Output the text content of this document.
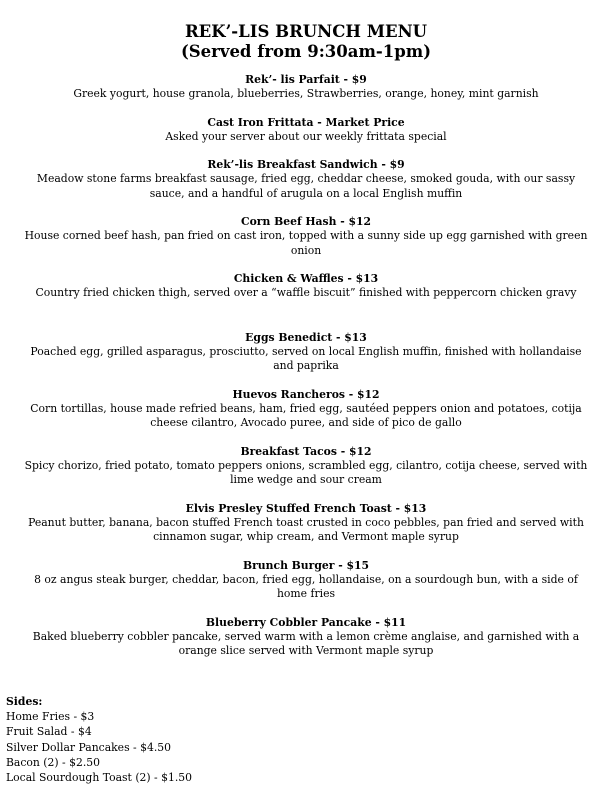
REK’-LIS BRUNCH MENU

(Served from 9:30am-1pm)

Rek’- lis Parfait - $9
Greek yogurt, house granola, blueberries, Strawberries, orange, honey, mint garnish
Cast Iron Frittata - Market Price
Asked your server about our weekly frittata special
Rek’-lis Breakfast Sandwich - $9
Meadow stone farms breakfast sausage, fried egg, cheddar cheese, smoked gouda, with our sassy sauce, and a handful of arugula on a local English muffin
Corn Beef Hash - $12
House corned beef hash, pan fried on cast iron, topped with a sunny side up egg garnished with green onion
Chicken & Waffles - $13
Country fried chicken thigh, served over a “waffle biscuit” finished with peppercorn chicken gravy
Eggs Benedict - $13
Poached egg, grilled asparagus, prosciutto, served on local English muffin, finished with hollandaise and paprika
Huevos Rancheros - $12
Corn tortillas, house made refried beans, ham, fried egg, sautéed peppers onion and potatoes, cotija cheese cilantro, Avocado puree, and side of pico de gallo
Breakfast Tacos - $12
Spicy chorizo, fried potato, tomato peppers onions, scrambled egg, cilantro, cotija cheese, served with lime wedge and sour cream
Elvis Presley Stuffed French Toast - $13
Peanut butter, banana, bacon stuffed French toast crusted in coco pebbles, pan fried and served with cinnamon sugar, whip cream, and Vermont maple syrup
Brunch Burger - $15
8 oz angus steak burger, cheddar, bacon, fried egg, hollandaise, on a sourdough bun, with a side of home fries
Blueberry Cobbler Pancake - $11
Baked blueberry cobbler pancake, served warm with a lemon crème anglaise, and garnished with a orange slice served with Vermont maple syrup
Sides:
Home Fries - $3
Fruit Salad - $4
Silver Dollar Pancakes - $4.50
Bacon (2) - $2.50
Local Sourdough Toast (2) - $1.50
